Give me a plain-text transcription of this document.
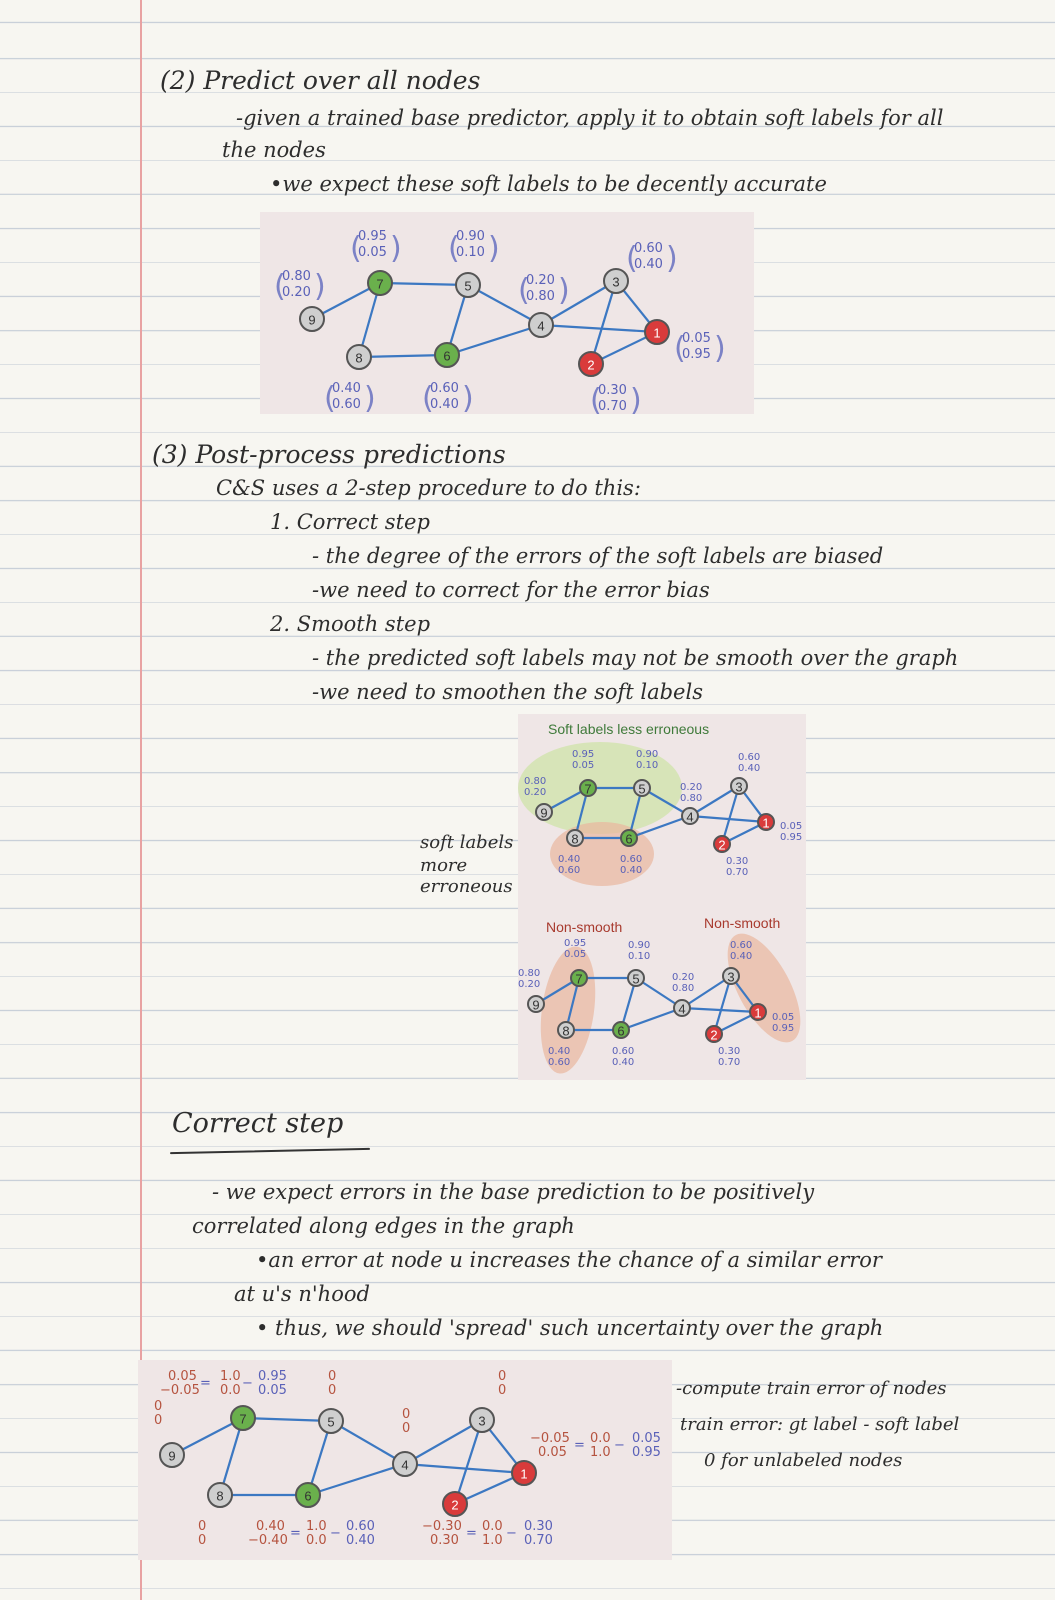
(2) Predict over all nodes
-given a trained base predictor, apply it to obtain soft labels for all
the nodes
•we expect these soft labels to be decently accurate
9
7	5
8	6
4
3
2
1
(
0.80
0.20 )
(
0.95
0.05 ) (
0.90
0.10 )
(
0.20
0.80 )
(
0.60
0.40 )
(
0.05
0.95 )
(
0.40
0.60 ) (
0.60
0.40 )	(
0.30
0.70 )
(3) Post-process predictions
C&S uses a 2-step procedure to do this:
1. Correct step
- the degree of the errors of the soft labels are biased
-we need to correct for the error bias
2. Smooth step
- the predicted soft labels may not be smooth over the graph
-we need to smoothen the soft labels
soft labels
more
erroneous
Soft labels less erroneous
9
7	5
8	6
4
3
2
1
0.80
0.20
0.95
0.05
0.90
0.10
0.20
0.80
0.60
0.40
0.05
0.95
0.40
0.60
0.60
0.40
0.30
0.70
Non-smooth	Non-smooth
9
7	5
8	6
4
3
2
1
0.80
0.20
0.95
0.05
0.90
0.10
0.20
0.80
0.60
0.40
0.05
0.95
0.40
0.60
0.60
0.40
0.30
0.70
Correct step
- we expect errors in the base prediction to be positively
correlated along edges in the graph
•an error at node u increases the chance of a similar error
at u's n'hood
• thus, we should 'spread' such uncertainty over the graph
-compute train error of nodes
train error: gt label - soft label
0 for unlabeled nodes
9
7	5
8	6
4
3
2
1
0.05
−0.05 = 1.0
0.0 − 0.95
0.05
0
0
0
0
0
0
0
0
−0.05
0.05 = 0.0
1.0 − 0.05
0.95
0
0
0.40
−0.40 = 1.0
0.0 − 0.60
0.40
−0.30
0.30 = 0.0
1.0 − 0.30
0.70
